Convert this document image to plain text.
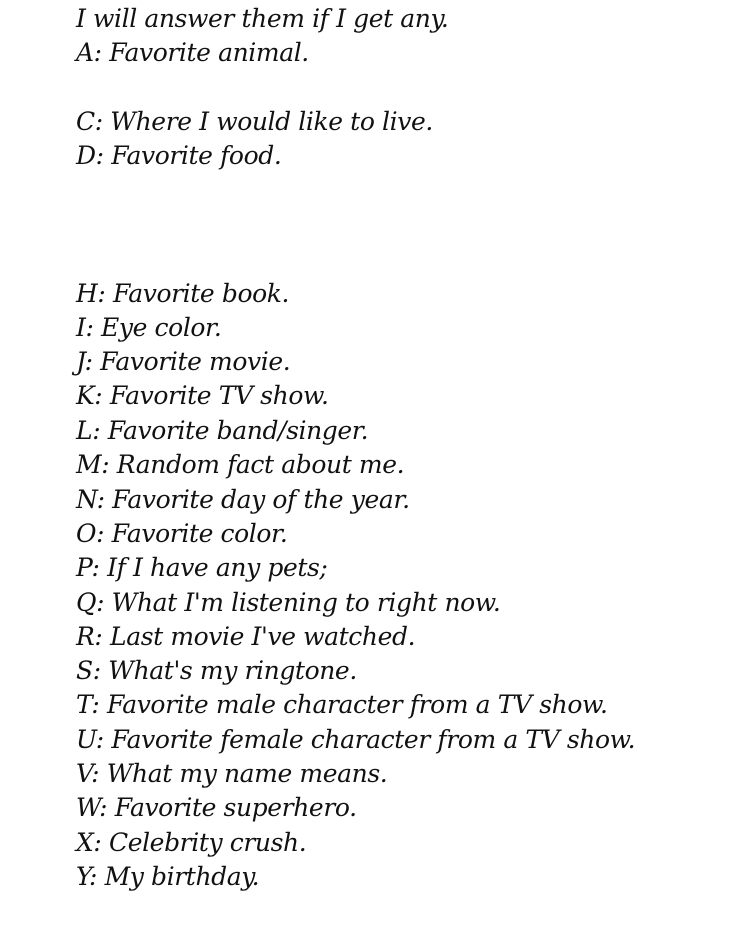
I will answer them if I get any.

A: Favorite animal.

C: Where I would like to live.

D: Favorite food.

H: Favorite book.

I: Eye color.

J: Favorite movie.

K: Favorite TV show.

L: Favorite band/singer.

M: Random fact about me.

N: Favorite day of the year.

O: Favorite color.

P: If I have any pets;

Q: What I'm listening to right now.

R: Last movie I've watched.

S: What's my ringtone.

T: Favorite male character from a TV show.

U: Favorite female character from a TV show.

V: What my name means.

W: Favorite superhero.

X: Celebrity crush.

Y: My birthday.
